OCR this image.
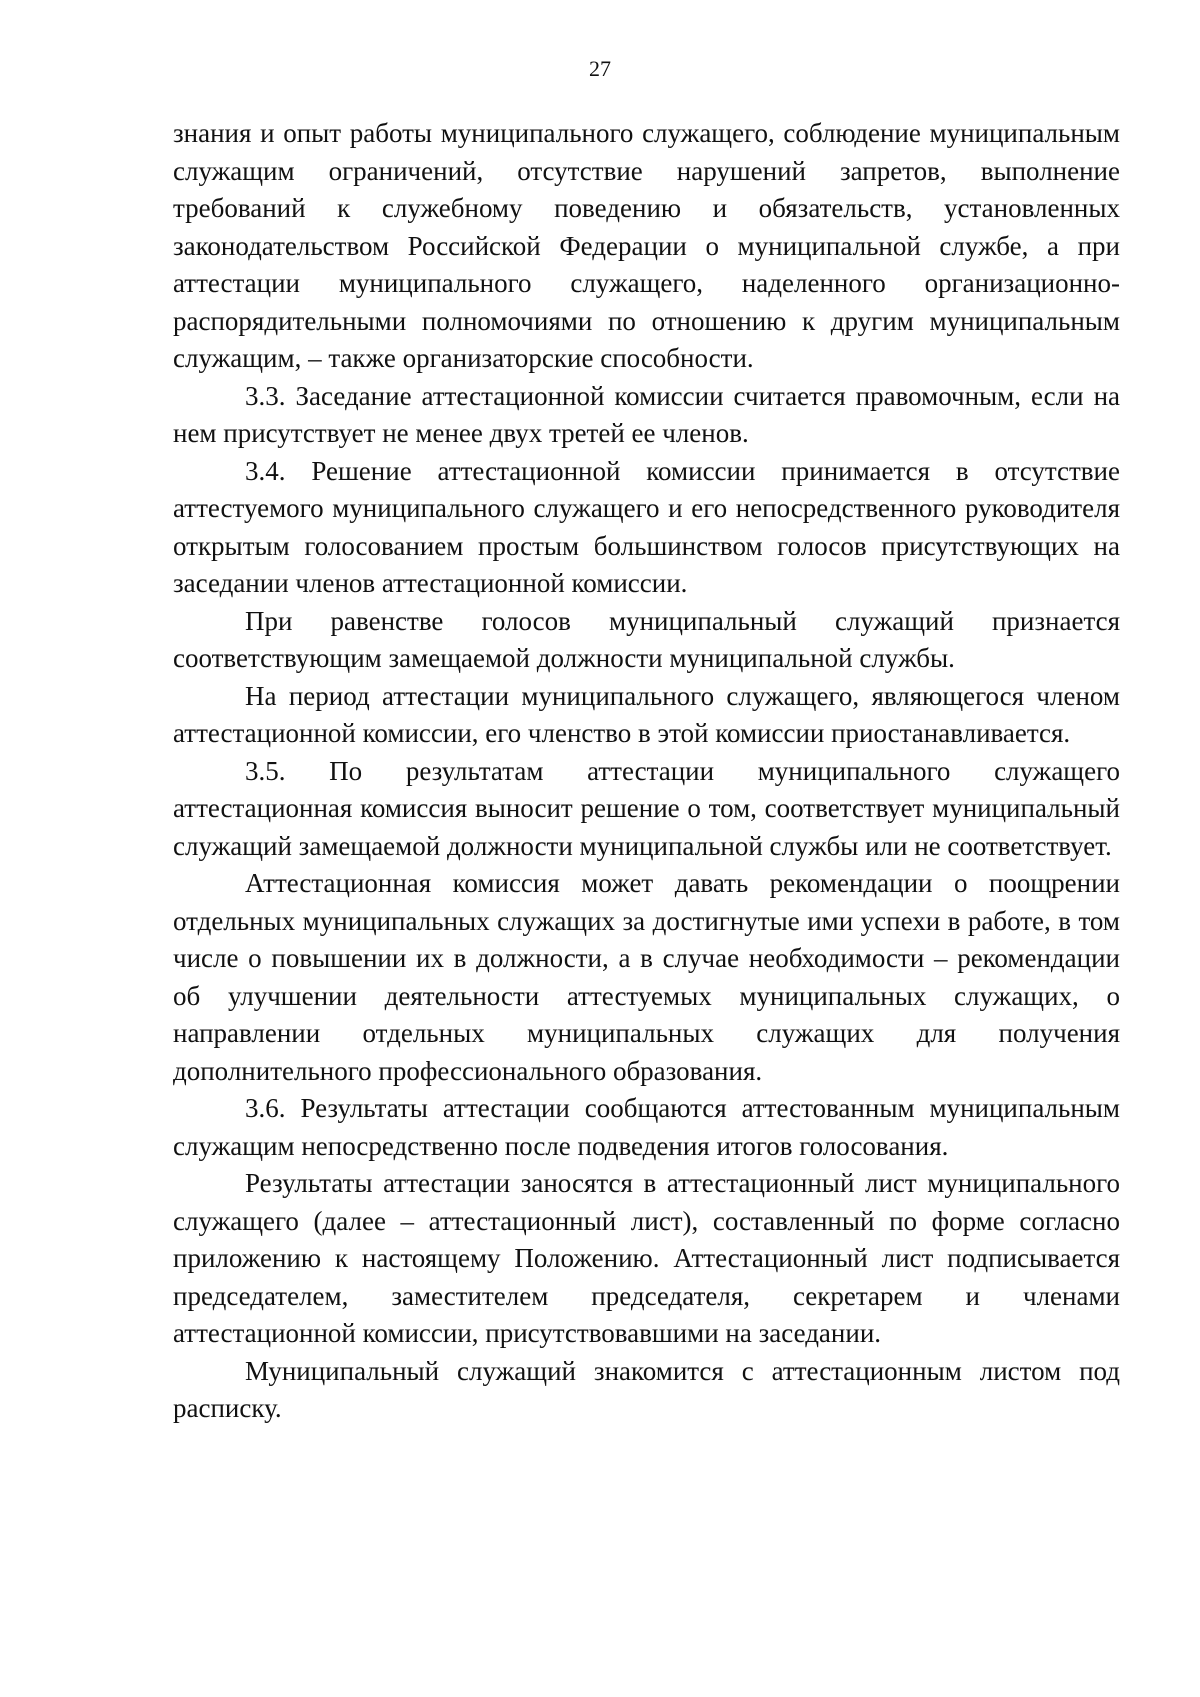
27

знания и опыт работы муниципального служащего, соблюдение муниципальным служащим ограничений, отсутствие нарушений запретов, выполнение требований к служебному поведению и обязательств, установленных законодательством Российской Федерации о муниципальной службе, а при аттестации муниципального служащего, наделенного организационно-распорядительными полномочиями по отношению к другим муниципальным служащим, – также организаторские способности.

3.3. Заседание аттестационной комиссии считается правомочным, если на нем присутствует не менее двух третей ее членов.

3.4. Решение аттестационной комиссии принимается в отсутствие аттестуемого муниципального служащего и его непосредственного руководителя открытым голосованием простым большинством голосов присутствующих на заседании членов аттестационной комиссии.

При равенстве голосов муниципальный служащий признается соответствующим замещаемой должности муниципальной службы.

На период аттестации муниципального служащего, являющегося членом аттестационной комиссии, его членство в этой комиссии приостанавливается.

3.5. По результатам аттестации муниципального служащего аттестационная комиссия выносит решение о том, соответствует муниципальный служащий замещаемой должности муниципальной службы или не соответствует.

Аттестационная комиссия может давать рекомендации о поощрении отдельных муниципальных служащих за достигнутые ими успехи в работе, в том числе о повышении их в должности, а в случае необходимости – рекомендации об улучшении деятельности аттестуемых муниципальных служащих, о направлении отдельных муниципальных служащих для получения дополнительного профессионального образования.

3.6. Результаты аттестации сообщаются аттестованным муниципальным служащим непосредственно после подведения итогов голосования.

Результаты аттестации заносятся в аттестационный лист муниципального служащего (далее – аттестационный лист), составленный по форме согласно приложению к настоящему Положению. Аттестационный лист подписывается председателем, заместителем председателя, секретарем и членами аттестационной комиссии, присутствовавшими на заседании.

Муниципальный служащий знакомится с аттестационным листом под расписку.
